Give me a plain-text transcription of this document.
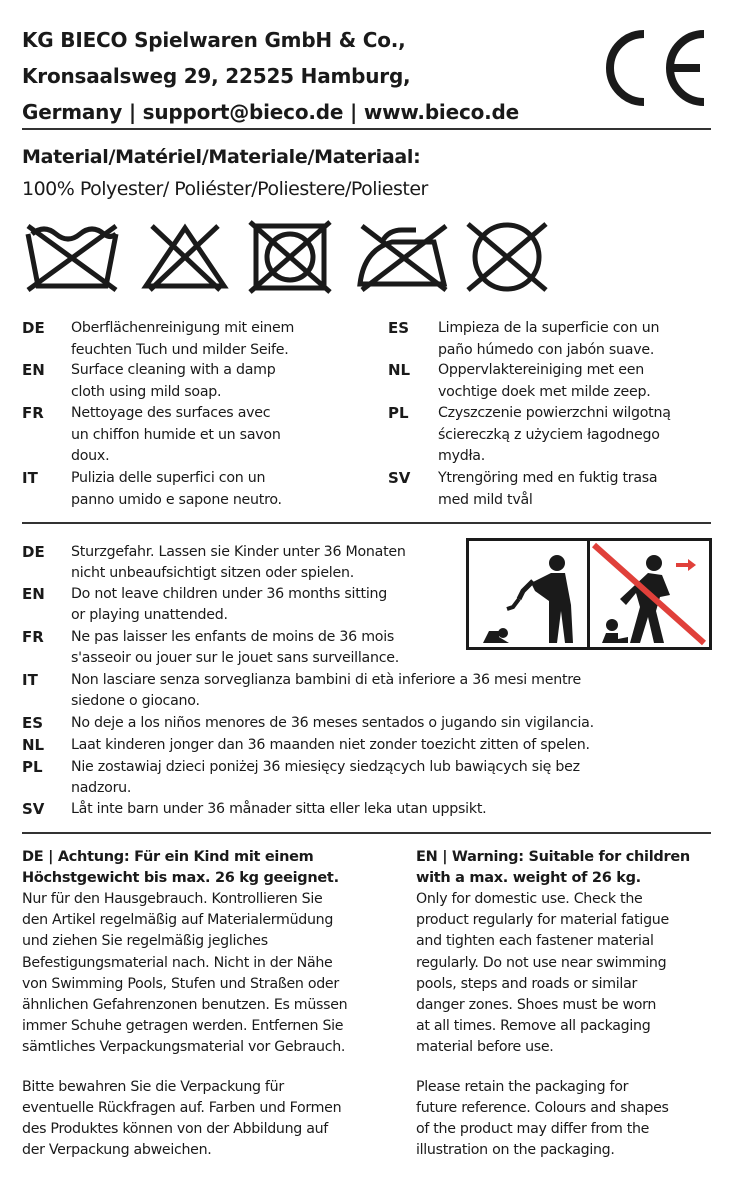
KG BIECO Spielwaren GmbH & Co.,
Kronsaalsweg 29, 22525 Hamburg,
Germany | support@bieco.de | www.bieco.de
Material/Matériel/Materiale/Materiaal:
100% Polyester/ Poliéster/Poliestere/Poliester
DE Oberflächenreinigung mit einem
feuchten Tuch und milder Seife.
EN Surface cleaning with a damp
cloth using mild soap.
FR Nettoyage des surfaces avec
un chiffon humide et un savon
doux.
IT Pulizia delle superfici con un
panno umido e sapone neutro.
ES Limpieza de la superficie con un
paño húmedo con jabón suave.
NL Oppervlaktereiniging met een
vochtige doek met milde zeep.
PL Czyszczenie powierzchni wilgotną
ściereczką z użyciem łagodnego
mydła.
SV Ytrengöring med en fuktig trasa
med mild tvål
DE Sturzgefahr. Lassen sie Kinder unter 36 Monaten
nicht unbeaufsichtigt sitzen oder spielen.
EN Do not leave children under 36 months sitting
or playing unattended.
FR Ne pas laisser les enfants de moins de 36 mois
s'asseoir ou jouer sur le jouet sans surveillance.
IT Non lasciare senza sorveglianza bambini di età inferiore a 36 mesi mentre
siedone o giocano.
ES No deje a los niños menores de 36 meses sentados o jugando sin vigilancia.
NL Laat kinderen jonger dan 36 maanden niet zonder toezicht zitten of spelen.
PL Nie zostawiaj dzieci poniżej 36 miesięcy siedzących lub bawiących się bez
nadzoru.
SV Låt inte barn under 36 månader sitta eller leka utan uppsikt.
DE | Achtung: Für ein Kind mit einem
Höchstgewicht bis max. 26 kg geeignet.
Nur für den Hausgebrauch. Kontrollieren Sie
den Artikel regelmäßig auf Materialermüdung
und ziehen Sie regelmäßig jegliches
Befestigungsmaterial nach. Nicht in der Nähe
von Swimming Pools, Stufen und Straßen oder
ähnlichen Gefahrenzonen benutzen. Es müssen
immer Schuhe getragen werden. Entfernen Sie
sämtliches Verpackungsmaterial vor Gebrauch.
Bitte bewahren Sie die Verpackung für
eventuelle Rückfragen auf. Farben und Formen
des Produktes können von der Abbildung auf
der Verpackung abweichen.
EN | Warning: Suitable for children
with a max. weight of 26 kg.
Only for domestic use. Check the
product regularly for material fatigue
and tighten each fastener material
regularly. Do not use near swimming
pools, steps and roads or similar
danger zones. Shoes must be worn
at all times. Remove all packaging
material before use.
Please retain the packaging for
future reference. Colours and shapes
of the product may differ from the
illustration on the packaging.
